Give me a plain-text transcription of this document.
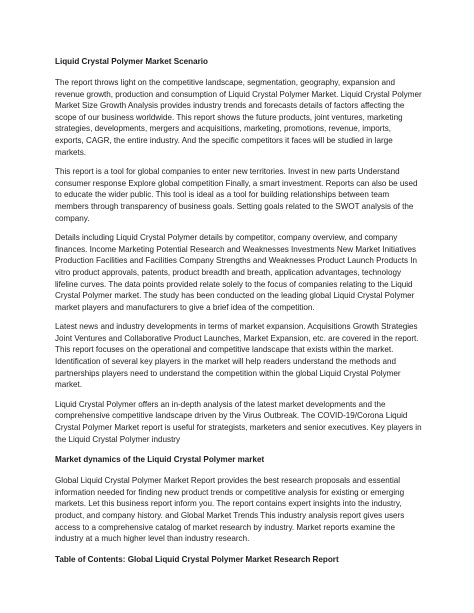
Liquid Crystal Polymer Market Scenario

The report throws light on the competitive landscape, segmentation, geography, expansion and revenue growth, production and consumption of Liquid Crystal Polymer Market. Liquid Crystal Polymer Market Size Growth Analysis provides industry trends and forecasts details of factors affecting the scope of our business worldwide. This report shows the future products, joint ventures, marketing strategies, developments, mergers and acquisitions, marketing, promotions, revenue, imports, exports, CAGR, the entire industry. And the specific competitors it faces will be studied in large markets.

This report is a tool for global companies to enter new territories. Invest in new parts Understand consumer response Explore global competition Finally, a smart investment. Reports can also be used to educate the wider public. This tool is ideal as a tool for building relationships between team members through transparency of business goals. Setting goals related to the SWOT analysis of the company.

Details including Liquid Crystal Polymer details by competitor, company overview, and company finances. Income Marketing Potential Research and Weaknesses Investments New Market Initiatives Production Facilities and Facilities Company Strengths and Weaknesses Product Launch Products In vitro product approvals, patents, product breadth and breath, application advantages, technology lifeline curves. The data points provided relate solely to the focus of companies relating to the Liquid Crystal Polymer market. The study has been conducted on the leading global Liquid Crystal Polymer market players and manufacturers to give a brief idea of the competition.

Latest news and industry developments in terms of market expansion. Acquisitions Growth Strategies Joint Ventures and Collaborative Product Launches, Market Expansion, etc. are covered in the report. This report focuses on the operational and competitive landscape that exists within the market. Identification of several key players in the market will help readers understand the methods and partnerships players need to understand the competition within the global Liquid Crystal Polymer market.

Liquid Crystal Polymer offers an in-depth analysis of the latest market developments and the comprehensive competitive landscape driven by the Virus Outbreak. The COVID-19/Corona Liquid Crystal Polymer Market report is useful for strategists, marketers and senior executives. Key players in the Liquid Crystal Polymer industry

Market dynamics of the Liquid Crystal Polymer market

Global Liquid Crystal Polymer Market Report provides the best research proposals and essential information needed for finding new product trends or competitive analysis for existing or emerging markets. Let this business report inform you. The report contains expert insights into the industry, product, and company history. and Global Market Trends This industry analysis report gives users access to a comprehensive catalog of market research by industry. Market reports examine the industry at a much higher level than industry research.

Table of Contents: Global Liquid Crystal Polymer Market Research Report
